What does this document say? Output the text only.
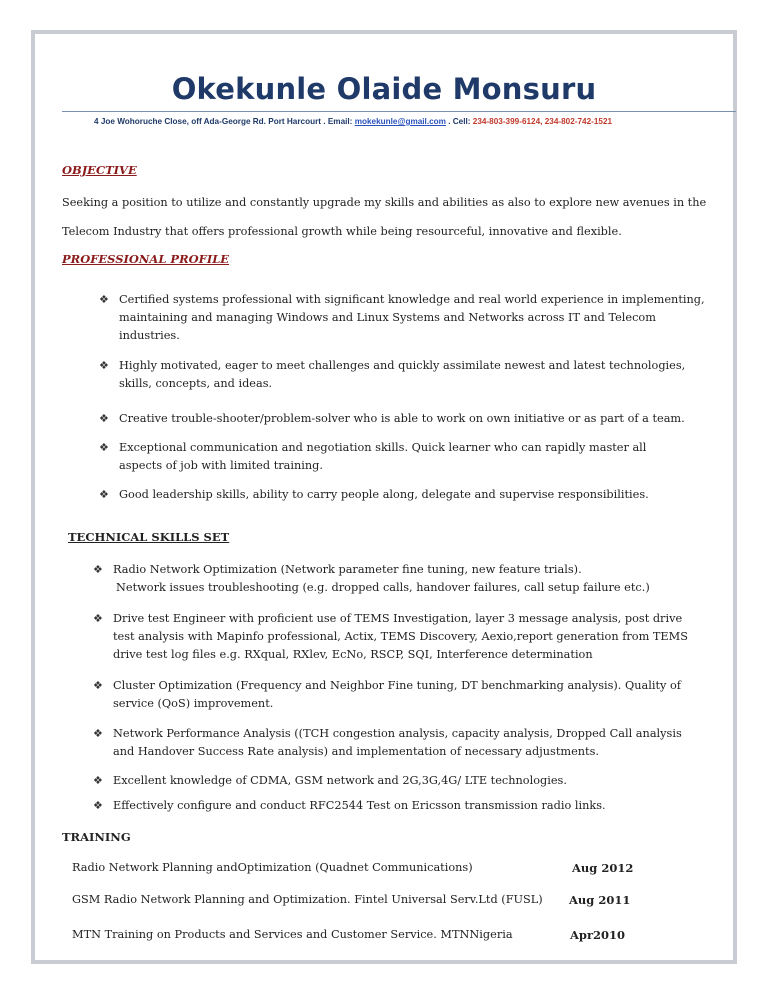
Okekunle Olaide Monsuru
4 Joe Wohoruche Close, off Ada-George Rd. Port Harcourt . Email: mokekunle@gmail.com . Cell: 234-803-399-6124, 234-802-742-1521
OBJECTIVE
Seeking a position to utilize and constantly upgrade my skills and abilities as also to explore new avenues in the Telecom Industry that offers professional growth while being resourceful, innovative and flexible.
PROFESSIONAL PROFILE
❖ Certified systems professional with significant knowledge and real world experience in implementing, maintaining and managing Windows and Linux Systems and Networks across IT and Telecom industries.
❖ Highly motivated, eager to meet challenges and quickly assimilate newest and latest technologies, skills, concepts, and ideas.
❖ Creative trouble-shooter/problem-solver who is able to work on own initiative or as part of a team.
❖ Exceptional communication and negotiation skills. Quick learner who can rapidly master all aspects of job with limited training.
❖ Good leadership skills, ability to carry people along, delegate and supervise responsibilities.
TECHNICAL SKILLS SET
❖ Radio Network Optimization (Network parameter fine tuning, new feature trials).
Network issues troubleshooting (e.g. dropped calls, handover failures, call setup failure etc.)
❖ Drive test Engineer with proficient use of TEMS Investigation, layer 3 message analysis, post drive test analysis with Mapinfo professional, Actix, TEMS Discovery, Aexio,report generation from TEMS drive test log files e.g. RXqual, RXlev, EcNo, RSCP, SQI, Interference determination
❖ Cluster Optimization (Frequency and Neighbor Fine tuning, DT benchmarking analysis). Quality of service (QoS) improvement.
❖ Network Performance Analysis ((TCH congestion analysis, capacity analysis, Dropped Call analysis and Handover Success Rate analysis) and implementation of necessary adjustments.
❖ Excellent knowledge of CDMA, GSM network and 2G,3G,4G/ LTE technologies.
❖ Effectively configure and conduct RFC2544 Test on Ericsson transmission radio links.
TRAINING
Radio Network Planning andOptimization (Quadnet Communications)	Aug 2012
GSM Radio Network Planning and Optimization. Fintel Universal Serv.Ltd (FUSL) Aug 2011
MTN Training on Products and Services and Customer Service. MTNNigeria	Apr2010
